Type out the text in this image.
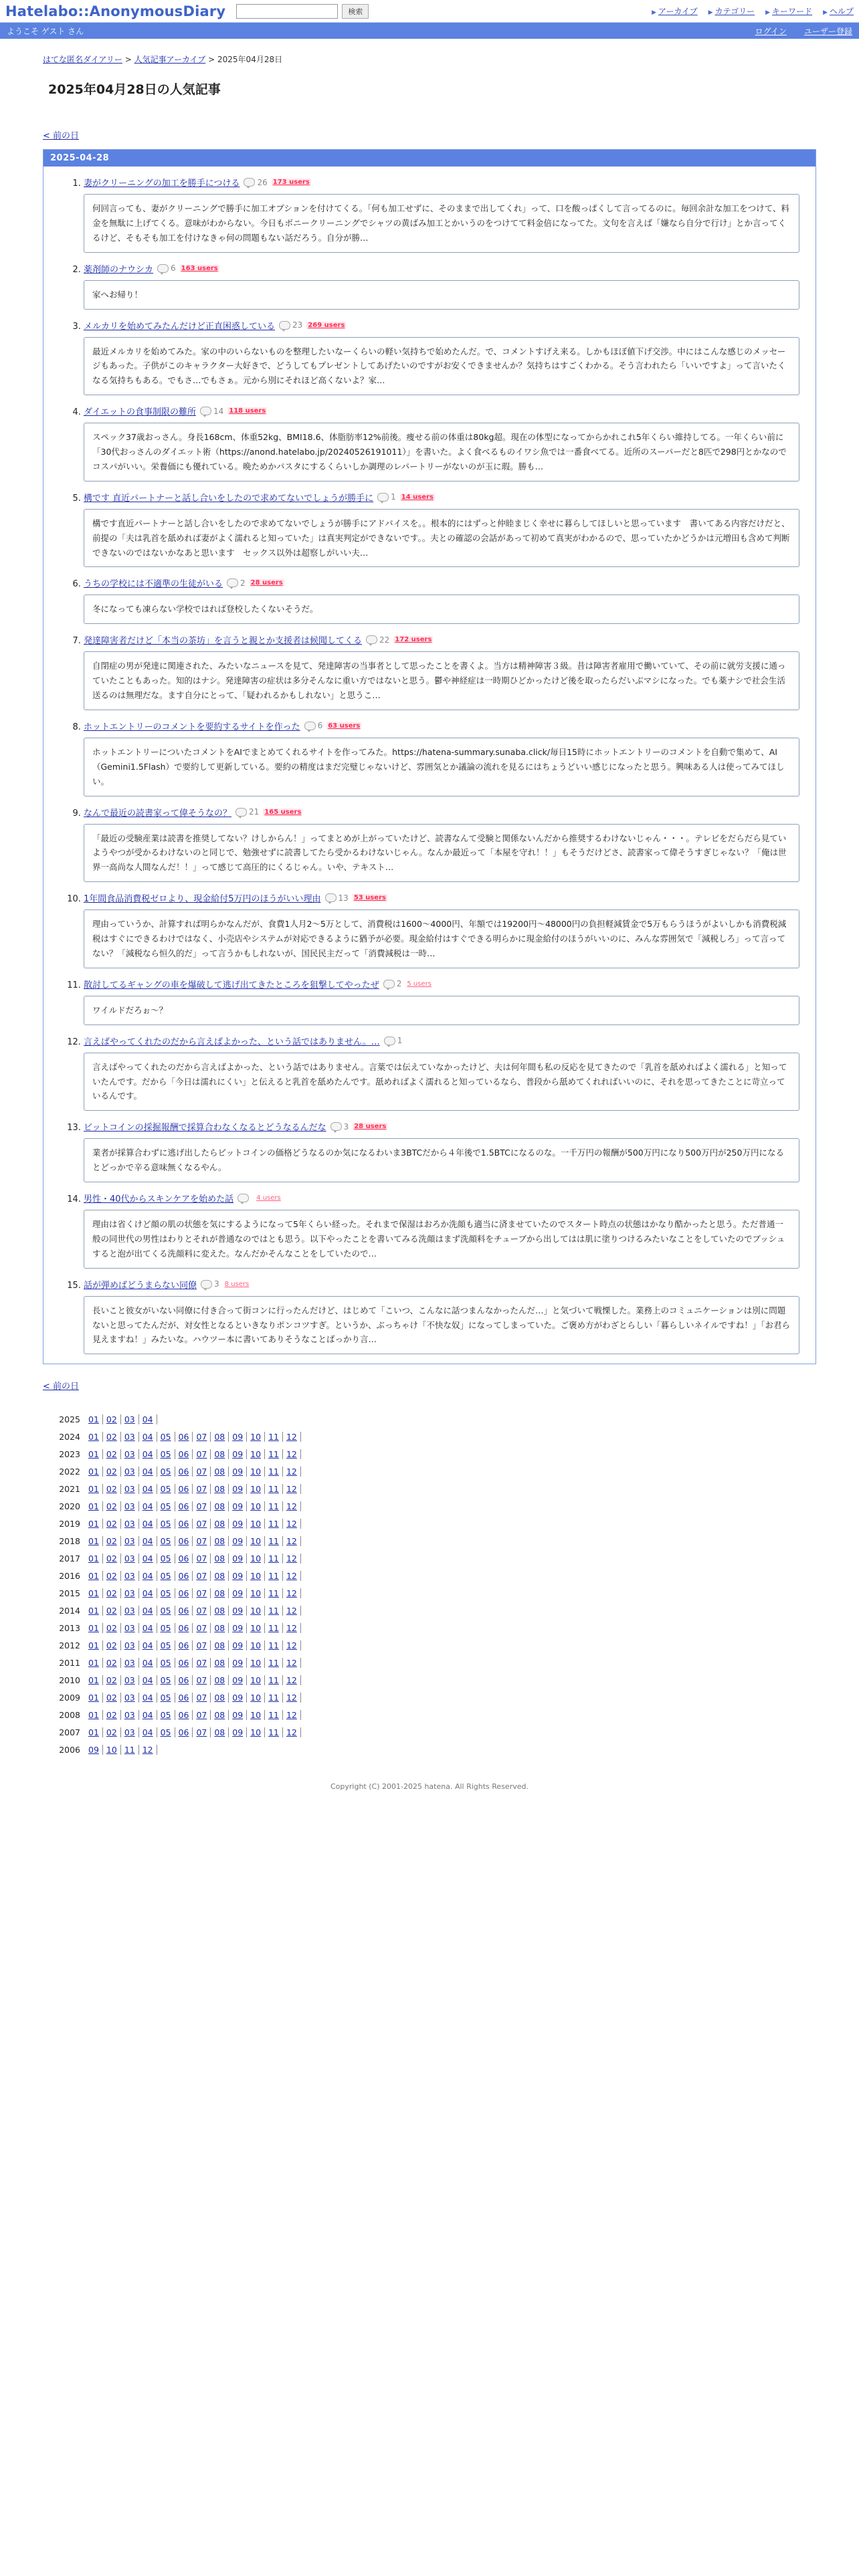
Hatelabo::AnonymousDiary	検索	▶ アーカイブ ▶ カテゴリー ▶ キーワード ▶ ヘルプ
ようこそ ゲスト さん	ログイン ユーザー登録
はてな匿名ダイアリー > 人気記事アーカイブ > 2025年04月28日
2025年04月28日の人気記事
< 前の日
2025-04-28
1. 妻がクリーニングの加工を勝手につける 26 173 users
何回言っても、妻がクリーニングで勝手に加工オプションを付けてくる。「何も加工せずに、そのままで出してくれ」って、口を酸っぱくして言ってるのに。毎回余計な加工をつけて、料金を無駄に上げてくる。意味がわからない。今日もボニークリーニングでシャツの黄ばみ加工とかいうのをつけてて料金倍になってた。文句を言えば「嫌なら自分で行け」とか言ってくるけど、そもそも加工を付けなきゃ何の問題もない話だろう。自分が勝…
2. 薬剤師のナウシカ 6 163 users
家へお帰り！
3. メルカリを始めてみたんだけど正直困惑している 23 269 users
最近メルカリを始めてみた。家の中のいらないものを整理したいなーくらいの軽い気持ちで始めたんだ。で、コメントすげえ来る。しかもほぼ値下げ交渉。中にはこんな感じのメッセージもあった。子供がこのキャラクター大好きで、どうしてもプレゼントしてあげたいのですがお安くできませんか？気持ちはすごくわかる。そう言われたら「いいですよ」って言いたくなる気持ちもある。でもさ…でもさぁ。元から別にそれほど高くないよ？家…
4. ダイエットの食事制限の難所 14 118 users
スペック37歳おっさん。身長168cm、体重52kg、BMI18.6、体脂肪率12%前後。痩せる前の体重は80kg超。現在の体型になってからかれこれ5年くらい維持してる。一年くらい前に「30代おっさんのダイエット術（https://anond.hatelabo.jp/20240526191011）」を書いた。よく食べるものイワシ魚では一番食べてる。近所のスーパーだと8匹で298円とかなのでコスパがいい。栄養価にも優れている。晩ためかパスタにするくらいしか調理のレパートリーがないのが玉に瑕。勝も…
5. 構です 直近パートナーと話し合いをしたので求めてないでしょうが勝手に 1 14 users
構です直近パートナーと話し合いをしたので求めてないでしょうが勝手にアドバイスを。。根本的にはずっと仲睦まじく幸せに暮らしてほしいと思っています　書いてある内容だけだと、前提の「夫は乳首を舐めれば妻がよく濡れると知っていた」は真実判定ができないです。。夫との確認の会話があって初めて真実がわかるので、思っていたかどうかは元増田も含めて判断できないのではないかなあと思います　セックス以外は超察しがいい夫…
6. うちの学校には不適準の生徒がいる 2 28 users
冬になっても凍らない学校ではれば登校したくないそうだ。
7. 発達障害者だけど「本当の茶坊」を言うと親とか支援者は候聞してくる 22 172 users
自閉症の男が発達に関連された、みたいなニュースを見て、発達障害の当事者として思ったことを書くよ。当方は精神障害３級。昔は障害者雇用で働いていて、その前に就労支援に通っていたこともあった。知的はナシ。発達障害の症状は多分そんなに重い方ではないと思う。鬱や神経症は一時期ひどかったけど後を取ったらだいぶマシになった。でも薬ナシで社会生活送るのは無理だな。ます自分にとって、「疑われるかもしれない」と思うこ…
8. ホットエントリーのコメントを要約するサイトを作った 6 63 users
ホットエントリーについたコメントをAIでまとめてくれるサイトを作ってみた。https://hatena-summary.sunaba.click/毎日15時にホットエントリーのコメントを自動で集めて、AI（Gemini1.5Flash）で要約して更新している。要約の精度はまだ完璧じゃないけど、雰囲気とか議論の流れを見るにはちょうどいい感じになったと思う。興味ある人は使ってみてほしい。
9. なんで最近の読書家って偉そうなの？ 21 165 users
「最近の受験産業は読書を推奨してない？けしからん！」ってまとめが上がっていたけど、読書なんて受験と関係ないんだから推奨するわけないじゃん・・・。テレビをだらだら見ていようやつが受かるわけないのと同じで、勉強せずに読書してたら受かるわけないじゃん。なんか最近って「本屋を守れ！！」もそうだけどさ、読書家って偉そうすぎじゃない？「俺は世界一高尚な人間なんだ！！」って感じて高圧的にくるじゃん。いや、テキスト…
10. 1年間食品消費税ゼロより、現金給付5万円のほうがいい理由 13 53 users
理由っていうか、計算すれば明らかなんだが、食費1人月2〜5万として、消費税は1600〜4000円、年額では19200円〜48000円の負担軽減賃金で5万もらうほうがよいしかも消費税減税はすぐにできるわけではなく、小売店やシステムが対応できるように猶予が必要。現金給付はすぐできる明らかに現金給付のほうがいいのに、みんな雰囲気で「減税しろ」って言ってない？「減税なら恒久的だ」って言うかもしれないが、国民民主だって「消費減税は一時…
11. 散討してるギャングの車を爆破して逃げ出てきたところを狙撃してやったぜ 2 5 users
ワイルドだろぉ〜？
12. 言えばやってくれたのだから言えばよかった、という話ではありません。… 1
言えばやってくれたのだから言えばよかった、という話ではありません。言葉では伝えていなかったけど、夫は何年間も私の反応を見てきたので「乳首を舐めればよく濡れる」と知っていたんです。だから「今日は濡れにくい」と伝えると乳首を舐めたんです。舐めればよく濡れると知っているなら、普段から舐めてくれればいいのに、それを思ってきたことに苛立っているんです。
13. ビットコインの採掘報酬で採算合わなくなるとどうなるんだな 3 28 users
業者が採算合わずに逃げ出したらビットコインの価格どうなるのか気になるわいま3BTCだから４年後で1.5BTCになるのな。一千万円の報酬が500万円になり500万円が250万円になるとどっかで辛る意味無くなるやん。
14. 男性・40代からスキンケアを始めた話	4 users
理由は省くけど顔の肌の状態を気にするようになって5年くらい経った。それまで保湿はおろか洗顔も適当に済ませていたのでスタート時点の状態はかなり酷かったと思う。ただ普通一般の同世代の男性はわりとそれが普通なのではとも思う。以下やったことを書いてみる洗顔はまず洗顔料をチューブから出してはは肌に塗りつけるみたいなことをしていたのでブッシュすると泡が出てくる洗顔料に変えた。なんだかそんなことをしていたので…
15. 話が弾めばどうまらない同僚 3 8 users
長いこと彼女がいない同僚に付き合って街コンに行ったんだけど、はじめて「こいつ、こんなに話つまんなかったんだ…」と気づいて戦慄した。業務上のコミュニケーションは別に問題ないと思ってたんだが、対女性となるといきなりポンコツすぎ。というか、ぶっちゃけ「不快な奴」になってしまっていた。ご褒め方がわざとらしい「暮らしいネイルですね！」「お君ら見えますね！」みたいな。ハウツー本に書いてありそうなことばっかり言…
< 前の日
2025 01 02 03 04
2024 01 02 03 04 05 06 07 08 09 10 11 12
2023 01 02 03 04 05 06 07 08 09 10 11 12
2022 01 02 03 04 05 06 07 08 09 10 11 12
2021 01 02 03 04 05 06 07 08 09 10 11 12
2020 01 02 03 04 05 06 07 08 09 10 11 12
2019 01 02 03 04 05 06 07 08 09 10 11 12
2018 01 02 03 04 05 06 07 08 09 10 11 12
2017 01 02 03 04 05 06 07 08 09 10 11 12
2016 01 02 03 04 05 06 07 08 09 10 11 12
2015 01 02 03 04 05 06 07 08 09 10 11 12
2014 01 02 03 04 05 06 07 08 09 10 11 12
2013 01 02 03 04 05 06 07 08 09 10 11 12
2012 01 02 03 04 05 06 07 08 09 10 11 12
2011 01 02 03 04 05 06 07 08 09 10 11 12
2010 01 02 03 04 05 06 07 08 09 10 11 12
2009 01 02 03 04 05 06 07 08 09 10 11 12
2008 01 02 03 04 05 06 07 08 09 10 11 12
2007 01 02 03 04 05 06 07 08 09 10 11 12
2006 09 10 11 12
Copyright (C) 2001-2025 hatena. All Rights Reserved.
